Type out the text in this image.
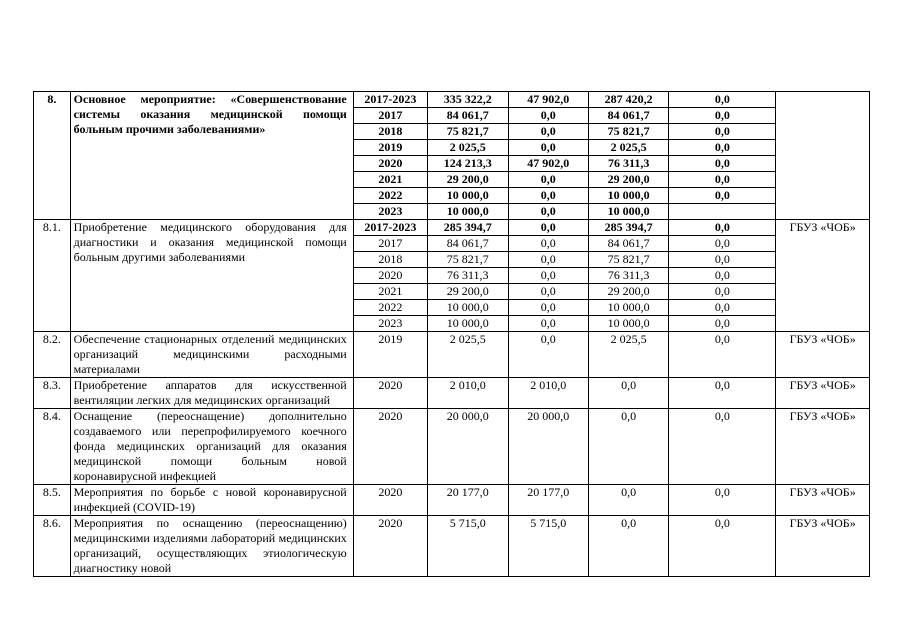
8.	Основное мероприятие: «Совершенствование системы оказания медицинской помощи больным прочими заболеваниями»	2017-2023	335 322,2	47 902,0	287 420,2	0,0	
		2017	84 061,7	0,0	84 061,7	0,0	
		2018	75 821,7	0,0	75 821,7	0,0	
		2019	2 025,5	0,0	2 025,5	0,0	
		2020	124 213,3	47 902,0	76 311,3	0,0	
		2021	29 200,0	0,0	29 200,0	0,0	
		2022	10 000,0	0,0	10 000,0	0,0	
		2023	10 000,0	0,0	10 000,0		
8.1.	Приобретение медицинского оборудования для диагностики и оказания медицинской помощи больным другими заболеваниями	2017-2023	285 394,7	0,0	285 394,7	0,0	ГБУЗ «ЧОБ»
		2017	84 061,7	0,0	84 061,7	0,0	
		2018	75 821,7	0,0	75 821,7	0,0	
		2020	76 311,3	0,0	76 311,3	0,0	
		2021	29 200,0	0,0	29 200,0	0,0	
		2022	10 000,0	0,0	10 000,0	0,0	
		2023	10 000,0	0,0	10 000,0	0,0	
8.2.	Обеспечение стационарных отделений медицинских организаций медицинскими расходными материалами	2019	2 025,5	0,0	2 025,5	0,0	ГБУЗ «ЧОБ»
8.3.	Приобретение аппаратов для искусственной вентиляции легких для медицинских организаций	2020	2 010,0	2 010,0	0,0	0,0	ГБУЗ «ЧОБ»
8.4.	Оснащение (переоснащение) дополнительно создаваемого или перепрофилируемого коечного фонда медицинских организаций для оказания медицинской помощи больным новой коронавирусной инфекцией	2020	20 000,0	20 000,0	0,0	0,0	ГБУЗ «ЧОБ»
8.5.	Мероприятия по борьбе с новой коронавирусной инфекцией (COVID-19)	2020	20 177,0	20 177,0	0,0	0,0	ГБУЗ «ЧОБ»
8.6.	Мероприятия по оснащению (переоснащению) медицинскими изделиями лабораторий медицинских организаций, осуществляющих этиологическую диагностику новой	2020	5 715,0	5 715,0	0,0	0,0	ГБУЗ «ЧОБ»
